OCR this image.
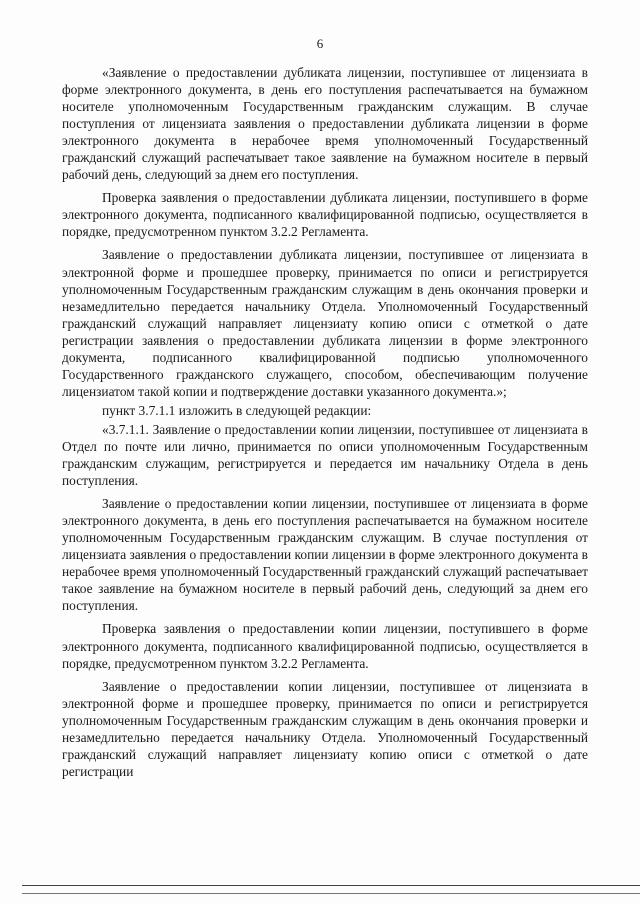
6

«Заявление о предоставлении дубликата лицензии, поступившее от лицензиата в форме электронного документа, в день его поступления распечатывается на бумажном носителе уполномоченным Государственным гражданским служащим. В случае поступления от лицензиата заявления о предоставлении дубликата лицензии в форме электронного документа в нерабочее время уполномоченный Государственный гражданский служащий распечатывает такое заявление на бумажном носителе в первый рабочий день, следующий за днем его поступления.

Проверка заявления о предоставлении дубликата лицензии, поступившего в форме электронного документа, подписанного квалифицированной подписью, осуществляется в порядке, предусмотренном пунктом 3.2.2 Регламента.

Заявление о предоставлении дубликата лицензии, поступившее от лицензиата в электронной форме и прошедшее проверку, принимается по описи и регистрируется уполномоченным Государственным гражданским служащим в день окончания проверки и незамедлительно передается начальнику Отдела. Уполномоченный Государственный гражданский служащий направляет лицензиату копию описи с отметкой о дате регистрации заявления о предоставлении дубликата лицензии в форме электронного документа, подписанного квалифицированной подписью уполномоченного Государственного гражданского служащего, способом, обеспечивающим получение лицензиатом такой копии и подтверждение доставки указанного документа.»;

пункт 3.7.1.1 изложить в следующей редакции:

«3.7.1.1. Заявление о предоставлении копии лицензии, поступившее от лицензиата в Отдел по почте или лично, принимается по описи уполномоченным Государственным гражданским служащим, регистрируется и передается им начальнику Отдела в день поступления.

Заявление о предоставлении копии лицензии, поступившее от лицензиата в форме электронного документа, в день его поступления распечатывается на бумажном носителе уполномоченным Государственным гражданским служащим. В случае поступления от лицензиата заявления о предоставлении копии лицензии в форме электронного документа в нерабочее время уполномоченный Государственный гражданский служащий распечатывает такое заявление на бумажном носителе в первый рабочий день, следующий за днем его поступления.

Проверка заявления о предоставлении копии лицензии, поступившего в форме электронного документа, подписанного квалифицированной подписью, осуществляется в порядке, предусмотренном пунктом 3.2.2 Регламента.

Заявление о предоставлении копии лицензии, поступившее от лицензиата в электронной форме и прошедшее проверку, принимается по описи и регистрируется уполномоченным Государственным гражданским служащим в день окончания проверки и незамедлительно передается начальнику Отдела. Уполномоченный Государственный гражданский служащий направляет лицензиату копию описи с отметкой о дате регистрации
